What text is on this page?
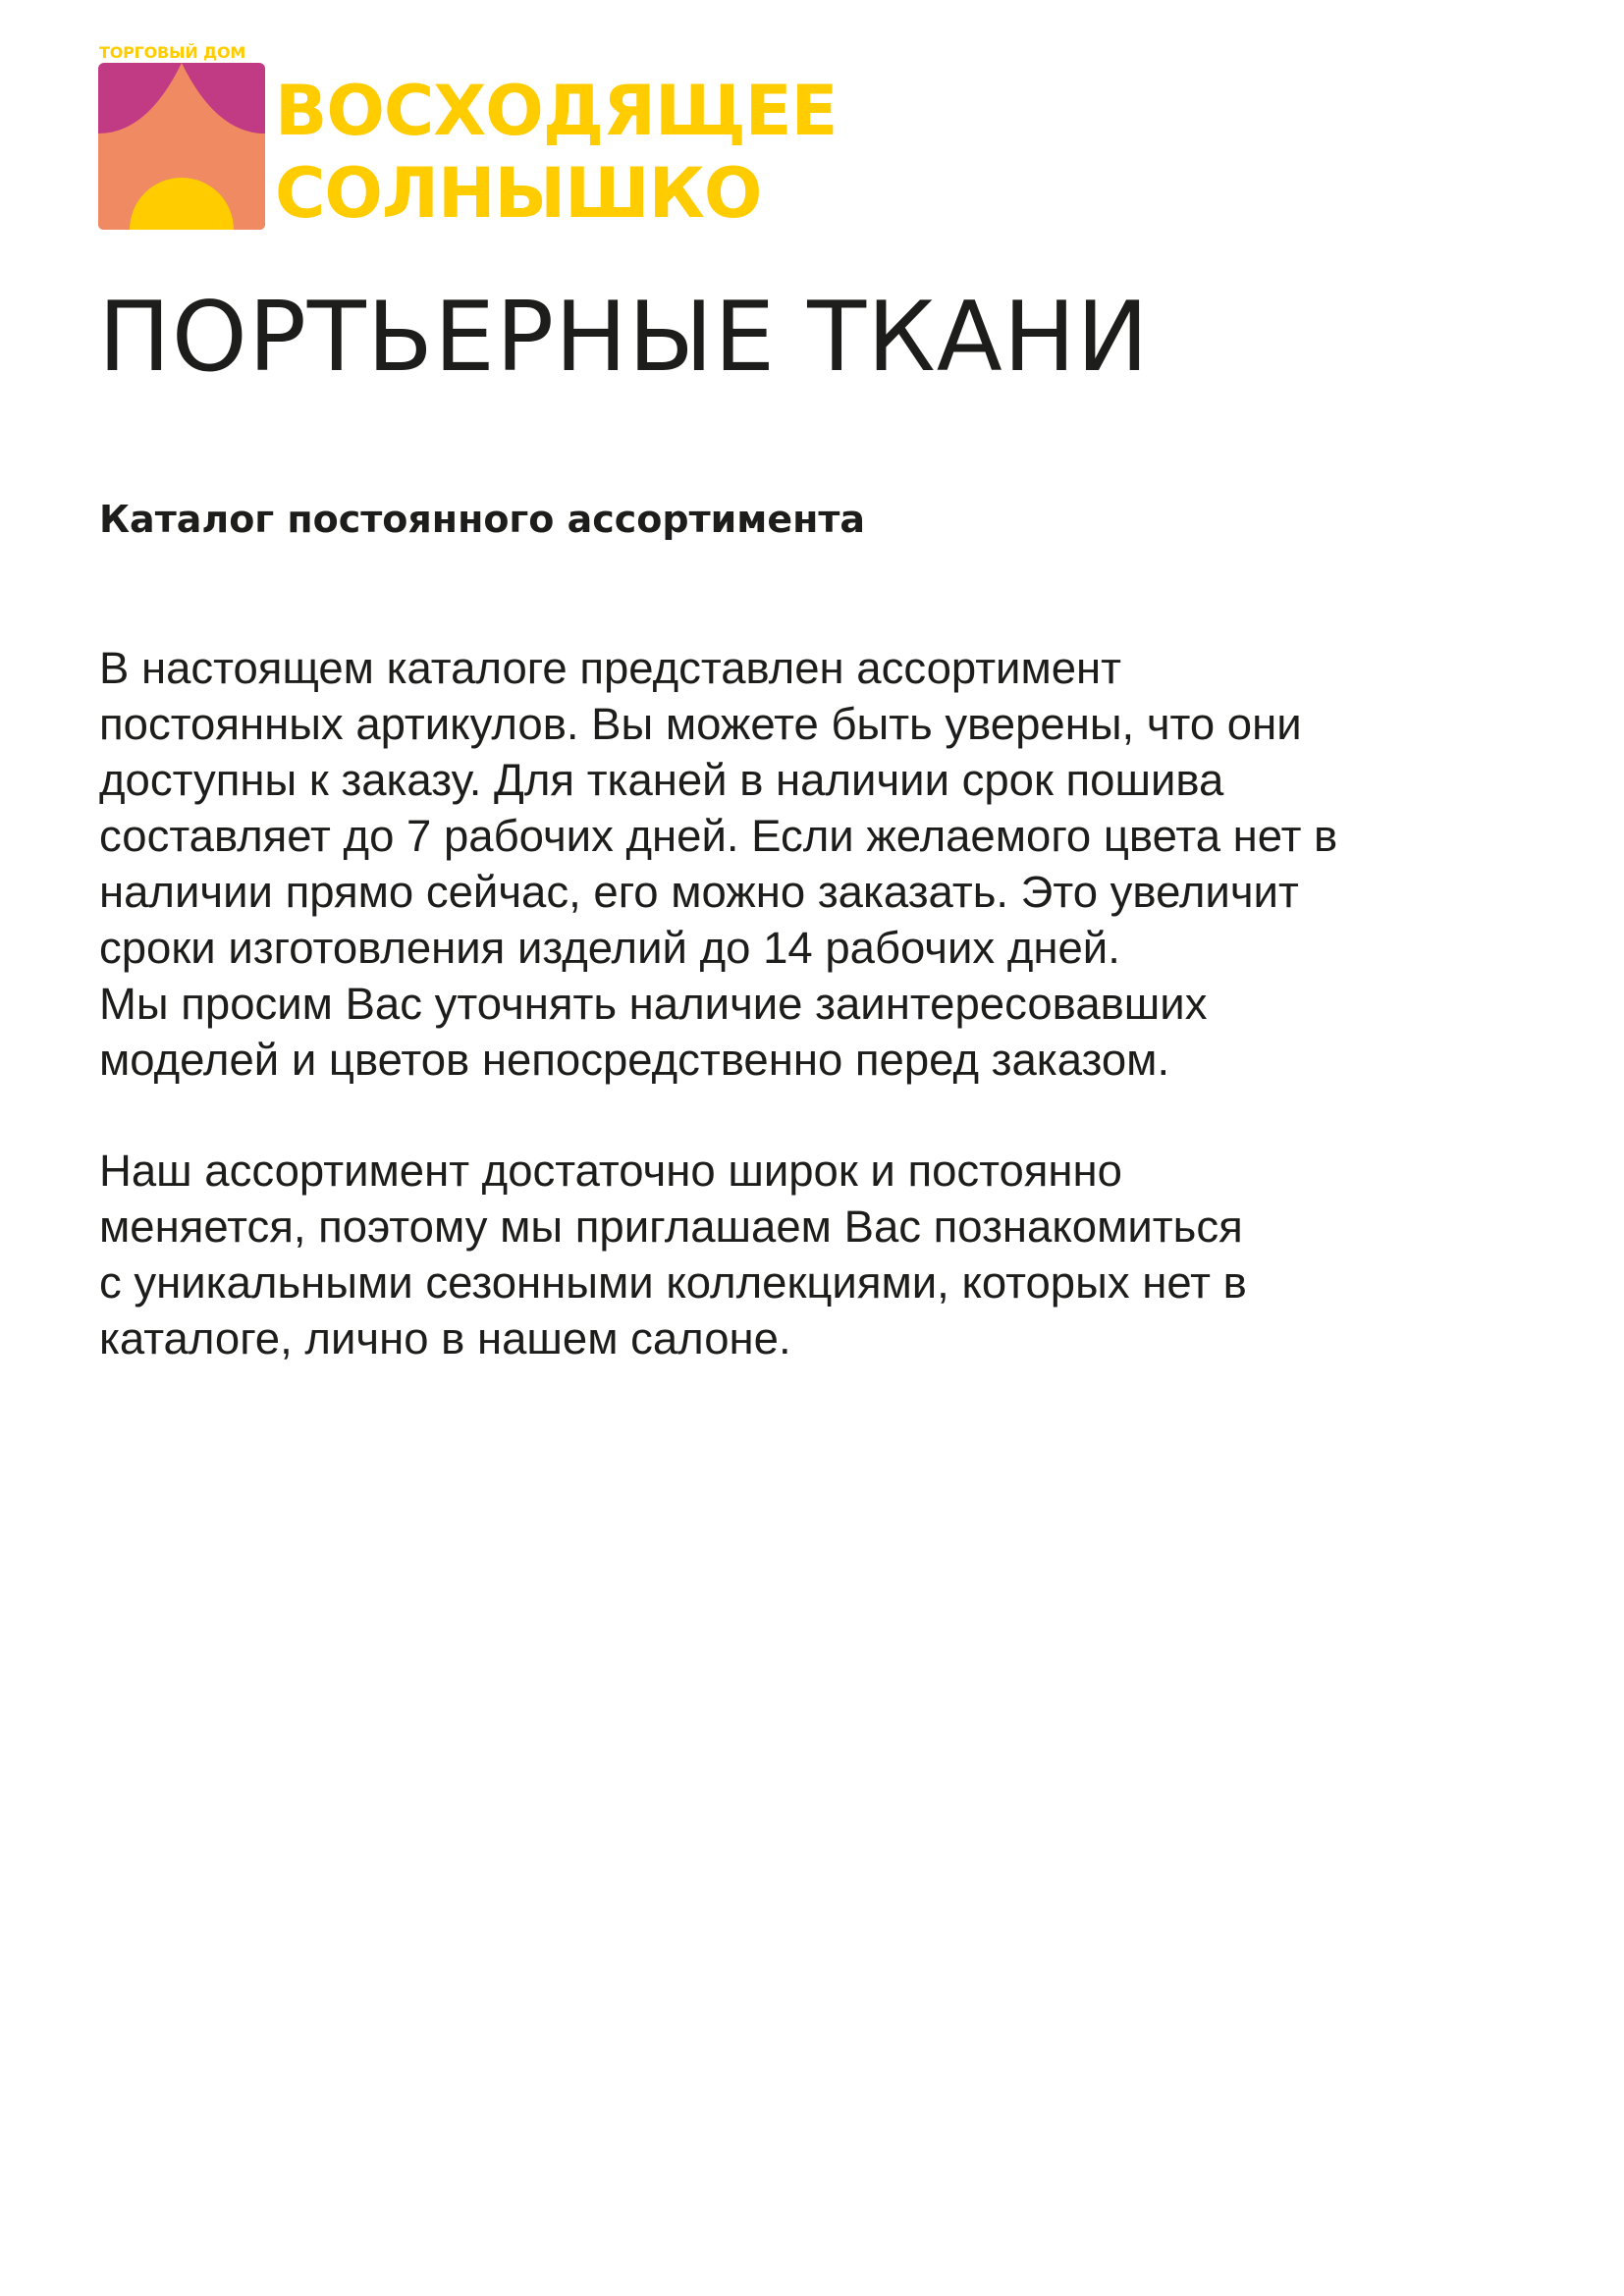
ТОРГОВЫЙ ДОМ
ВОСХОДЯЩЕЕ
СОЛНЫШКО
ПОРТЬЕРНЫЕ ТКАНИ
Каталог постоянного ассортимента
В настоящем каталоге представлен ассортимент
постоянных артикулов. Вы можете быть уверены, что они
доступны к заказу. Для тканей в наличии срок пошива
составляет до 7 рабочих дней. Если желаемого цвета нет в
наличии прямо сейчас, его можно заказать. Это увеличит
сроки изготовления изделий до 14 рабочих дней.
Мы просим Вас уточнять наличие заинтересовавших
моделей и цветов непосредственно перед заказом.
Наш ассортимент достаточно широк и постоянно
меняется, поэтому мы приглашаем Вас познакомиться
с уникальными сезонными коллекциями, которых нет в
каталоге, лично в нашем салоне.
